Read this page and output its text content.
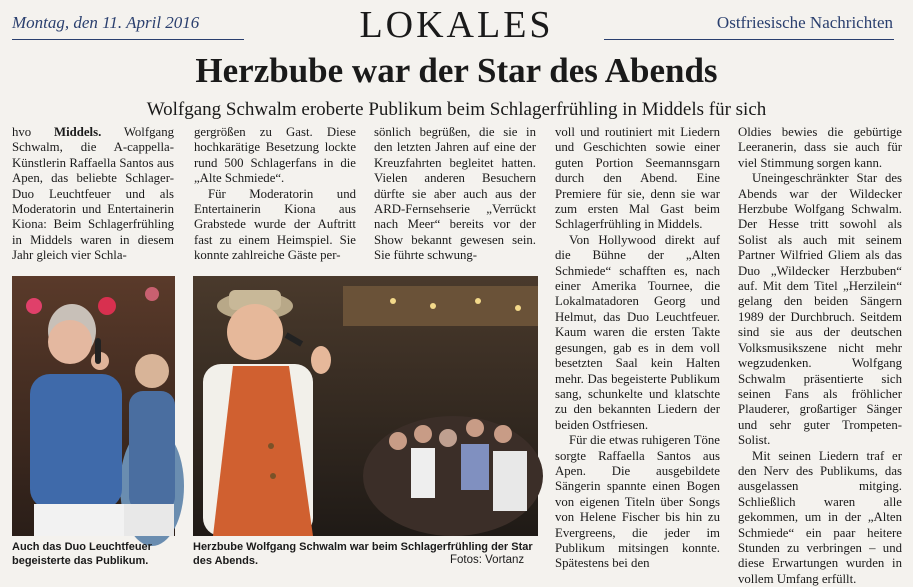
Montag, den 11. April 2016	LOKALES	Ostfriesische Nachrichten
Herzbube war der Star des Abends
Wolfgang Schwalm eroberte Publikum beim Schlagerfrühling in Middels für sich

hvo Middels. Wolfgang Schwalm, die A-cappella-Künstlerin Raffaella Santos aus Apen, das beliebte Schlager-Duo Leuchtfeuer und als Moderatorin und Entertainerin Kiona: Beim Schlagerfrühling in Middels waren in diesem Jahr gleich vier Schla-

gergrößen zu Gast. Diese hochkarätige Besetzung lockte rund 500 Schlagerfans in die „Alte Schmiede“.

Für Moderatorin und Entertainerin Kiona aus Grabstede wurde der Auftritt fast zu einem Heimspiel. Sie konnte zahlreiche Gäste per-

sönlich begrüßen, die sie in den letzten Jahren auf eine der Kreuzfahrten begleitet hatten. Vielen anderen Besuchern dürfte sie aber auch aus der ARD-Fernsehserie „Verrückt nach Meer“ bereits vor der Show bekannt gewesen sein. Sie führte schwung-

voll und routiniert mit Liedern und Geschichten sowie einer guten Portion Seemannsgarn durch den Abend. Eine Premiere für sie, denn sie war zum ersten Mal Gast beim Schlagerfrühling in Middels.

Von Hollywood direkt auf die Bühne der „Alten Schmiede“ schafften es, nach einer Amerika Tournee, die Lokalmatadoren Georg und Helmut, das Duo Leuchtfeuer. Kaum waren die ersten Takte gesungen, gab es in dem voll besetzten Saal kein Halten mehr. Das begeisterte Publikum sang, schunkelte und klatschte zu den bekannten Liedern der beiden Ostfriesen.

Für die etwas ruhigeren Töne sorgte Raffaella Santos aus Apen. Die ausgebildete Sängerin spannte einen Bogen von eigenen Titeln über Songs von Helene Fischer bis hin zu Evergreens, die jeder im Publikum mitsingen konnte. Spätestens bei den

Oldies bewies die gebürtige Leeranerin, dass sie auch für viel Stimmung sorgen kann.

Uneingeschränkter Star des Abends war der Wildecker Herzbube Wolfgang Schwalm. Der Hesse tritt sowohl als Solist als auch mit seinem Partner Wilfried Gliem als das Duo „Wildecker Herzbuben“ auf. Mit dem Titel „Herzilein“ gelang den beiden Sängern 1989 der Durchbruch. Seitdem sind sie aus der deutschen Volksmusikszene nicht mehr wegzudenken. Wolfgang Schwalm präsentierte sich seinen Fans als fröhlicher Plauderer, großartiger Sänger und sehr guter Trompeten-Solist.

Mit seinen Liedern traf er den Nerv des Publikums, das ausgelassen mitging. Schließlich waren alle gekommen, um in der „Alten Schmiede“ ein paar heitere Stunden zu verbringen – und diese Erwartungen wurden in vollem Umfang erfüllt.

Auch das Duo Leuchtfeuer begeisterte das Publikum.
Herzbube Wolfgang Schwalm war beim Schlagerfrühling der Star des Abends.	Fotos: Vortanz
